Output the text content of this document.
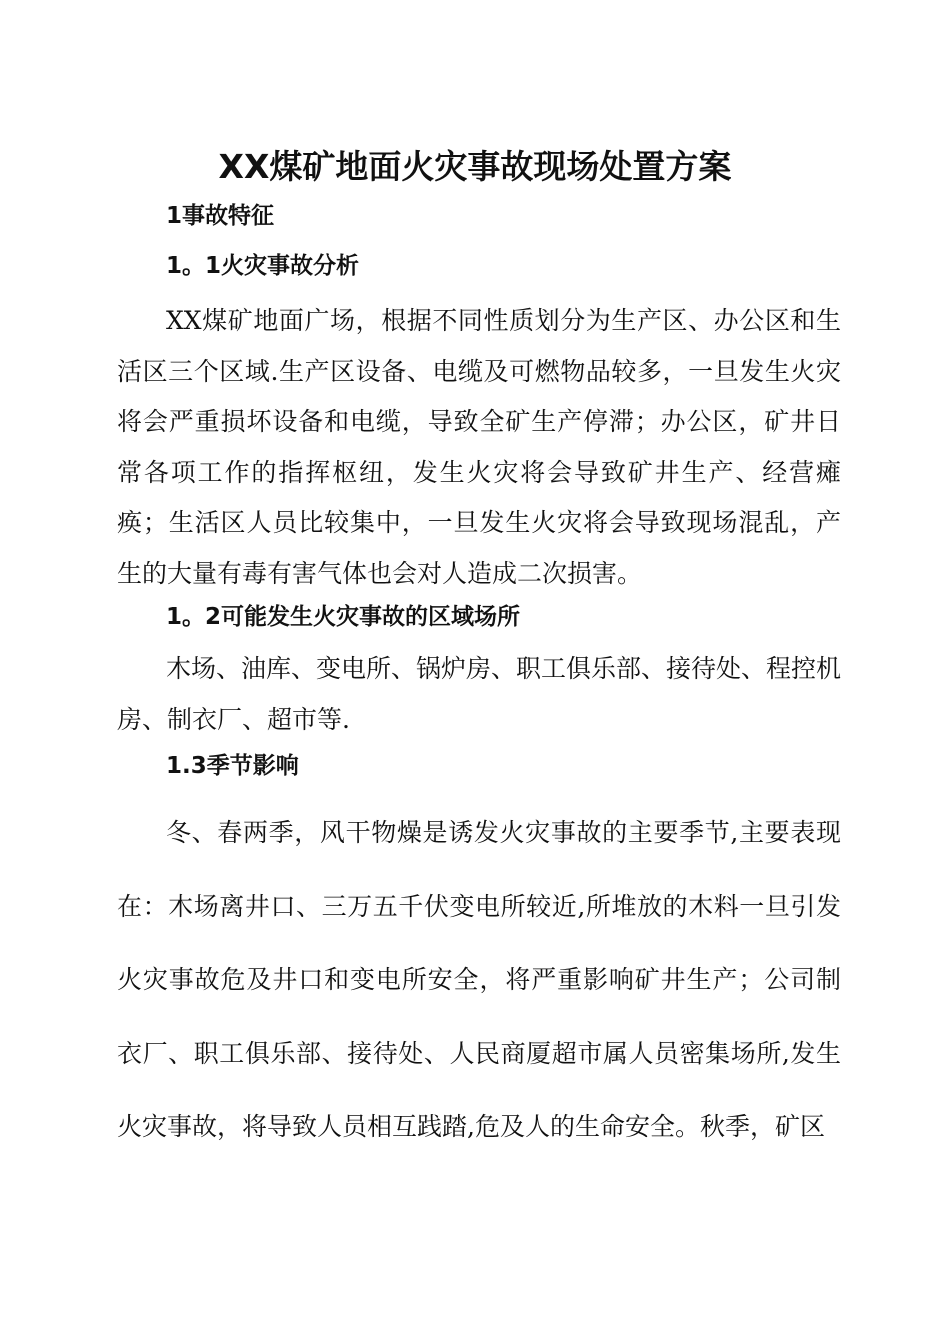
XX煤矿地面火灾事故现场处置方案
1事故特征
1。1火灾事故分析

XX煤矿地面广场，根据不同性质划分为生产区、办公区和生活区三个区域.生产区设备、电缆及可燃物品较多，一旦发生火灾将会严重损坏设备和电缆，导致全矿生产停滞；办公区，矿井日常各项工作的指挥枢纽，发生火灾将会导致矿井生产、经营瘫痪；生活区人员比较集中，一旦发生火灾将会导致现场混乱，产生的大量有毒有害气体也会对人造成二次损害。

1。2可能发生火灾事故的区域场所

木场、油库、变电所、锅炉房、职工俱乐部、接待处、程控机房、制衣厂、超市等.

1.3季节影响

冬、春两季，风干物燥是诱发火灾事故的主要季节,主要表现在：木场离井口、三万五千伏变电所较近,所堆放的木料一旦引发火灾事故危及井口和变电所安全，将严重影响矿井生产；公司制衣厂、职工俱乐部、接待处、人民商厦超市属人员密集场所,发生火灾事故，将导致人员相互践踏,危及人的生命安全。秋季，矿区
